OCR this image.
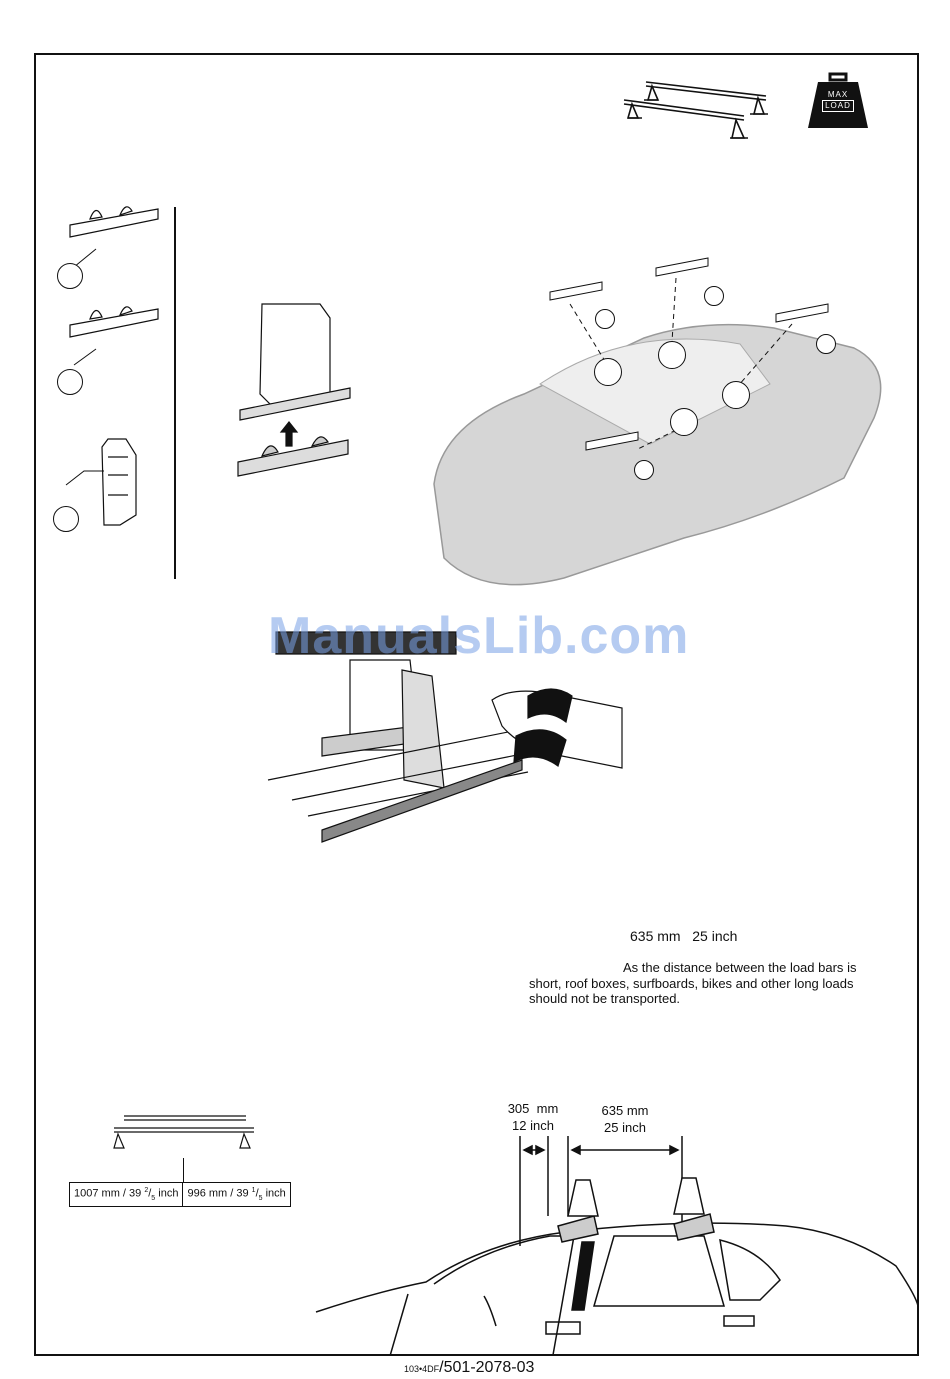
MAX
LOAD
ManualsLib.com
635 mm 25 inch
As the distance between the load bars is short, roof boxes, surfboards, bikes and other long loads should not be transported.
1007 mm / 39 $^2/_5$ inch	996 mm / 39 $^1/_5$ inch
305  mm
12 inch
635 mm
25 inch
103•4DF/501-2078-03
